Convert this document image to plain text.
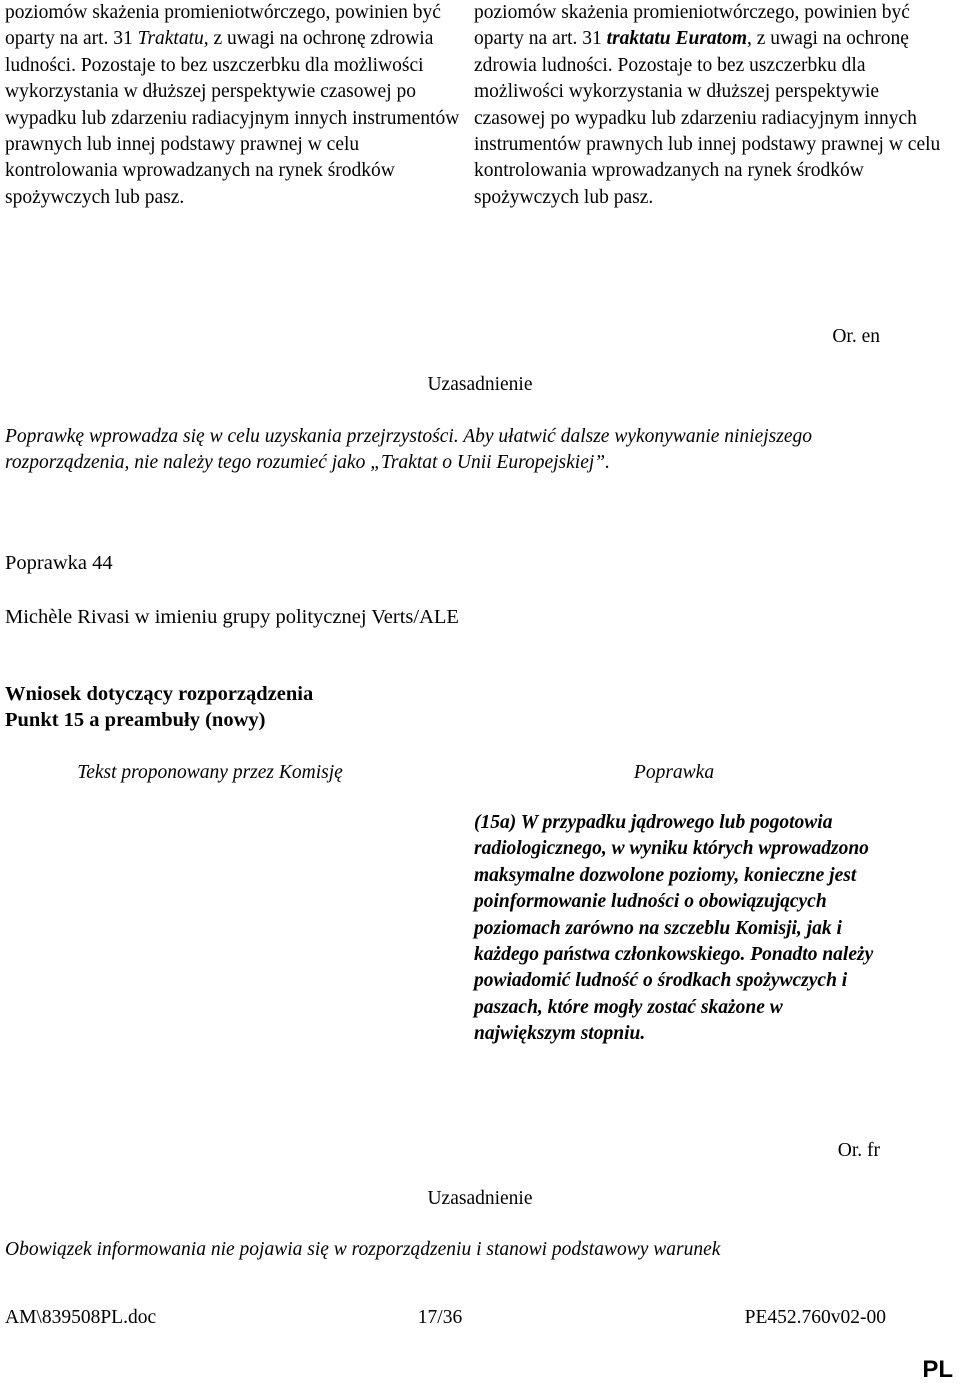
poziomów skażenia promieniotwórczego, powinien być oparty na art. 31 Traktatu, z uwagi na ochronę zdrowia ludności. Pozostaje to bez uszczerbku dla możliwości wykorzystania w dłuższej perspektywie czasowej po wypadku lub zdarzeniu radiacyjnym innych instrumentów prawnych lub innej podstawy prawnej w celu kontrolowania wprowadzanych na rynek środków spożywczych lub pasz.

poziomów skażenia promieniotwórczego, powinien być oparty na art. 31 traktatu Euratom, z uwagi na ochronę zdrowia ludności. Pozostaje to bez uszczerbku dla możliwości wykorzystania w dłuższej perspektywie czasowej po wypadku lub zdarzeniu radiacyjnym innych instrumentów prawnych lub innej podstawy prawnej w celu kontrolowania wprowadzanych na rynek środków spożywczych lub pasz.

Or. en
Uzasadnienie
Poprawkę wprowadza się w celu uzyskania przejrzystości. Aby ułatwić dalsze wykonywanie niniejszego rozporządzenia, nie należy tego rozumieć jako „Traktat o Unii Europejskiej”.
Poprawka 44
Michèle Rivasi w imieniu grupy politycznej Verts/ALE
Wniosek dotyczący rozporządzenia
Punkt 15 a preambuły (nowy)
Tekst proponowany przez Komisję	Poprawka
(15a) W przypadku jądrowego lub pogotowia radiologicznego, w wyniku których wprowadzono maksymalne dozwolone poziomy, konieczne jest poinformowanie ludności o obowiązujących poziomach zarówno na szczeblu Komisji, jak i każdego państwa członkowskiego. Ponadto należy powiadomić ludność o środkach spożywczych i paszach, które mogły zostać skażone w największym stopniu.
Or. fr
Uzasadnienie
Obowiązek informowania nie pojawia się w rozporządzeniu i stanowi podstawowy warunek
AM\839508PL.doc	17/36	PE452.760v02-00
PL
